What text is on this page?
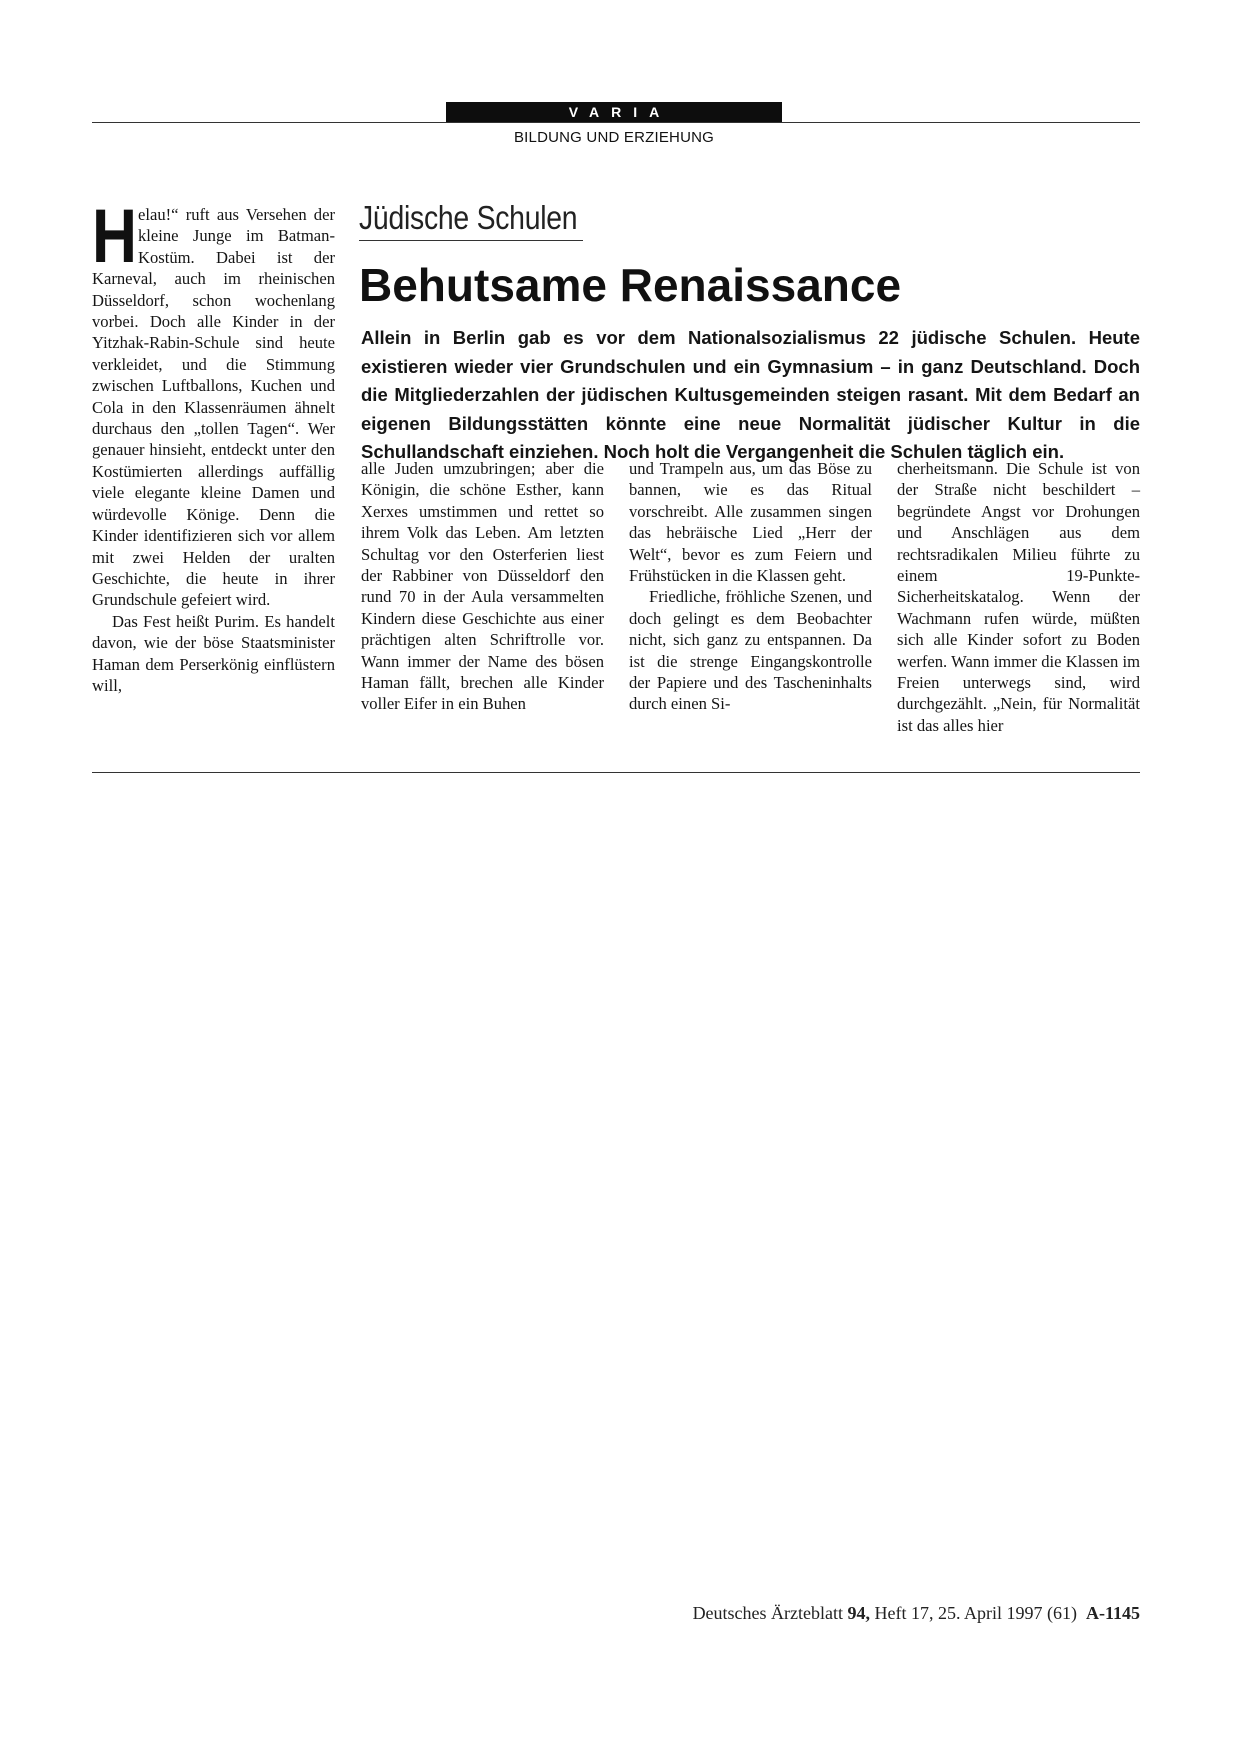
VARIA
BILDUNG UND ERZIEHUNG

Helau!“ ruft aus Versehen der kleine Junge im Batman-Kostüm. Dabei ist der Karneval, auch im rheinischen Düsseldorf, schon wochenlang vorbei. Doch alle Kinder in der Yitzhak-Rabin-Schule sind heute verkleidet, und die Stimmung zwischen Luftballons, Kuchen und Cola in den Klassenräumen ähnelt durchaus den „tollen Tagen“. Wer genauer hinsieht, entdeckt unter den Kostümierten allerdings auffällig viele elegante kleine Damen und würdevolle Könige. Denn die Kinder identifizieren sich vor allem mit zwei Helden der uralten Geschichte, die heute in ihrer Grundschule gefeiert wird.

Das Fest heißt Purim. Es handelt davon, wie der böse Staatsminister Haman dem Perserkönig einflüstern will,

Jüdische Schulen
Behutsame Renaissance
Allein in Berlin gab es vor dem Nationalsozialismus 22 jüdische Schulen. Heute existieren wieder vier Grundschulen und ein Gymnasium – in ganz Deutschland. Doch die Mitgliederzahlen der jüdischen Kultusgemeinden steigen rasant. Mit dem Bedarf an eigenen Bildungsstätten könnte eine neue Normalität jüdischer Kultur in die Schullandschaft einziehen. Noch holt die Vergangenheit die Schulen täglich ein.

alle Juden umzubringen; aber die Königin, die schöne Esther, kann Xerxes umstimmen und rettet so ihrem Volk das Leben. Am letzten Schultag vor den Osterferien liest der Rabbiner von Düsseldorf den rund 70 in der Aula versammelten Kindern diese Geschichte aus einer prächtigen alten Schriftrolle vor. Wann immer der Name des bösen Haman fällt, brechen alle Kinder voller Eifer in ein Buhen

und Trampeln aus, um das Böse zu bannen, wie es das Ritual vorschreibt. Alle zusammen singen das hebräische Lied „Herr der Welt“, bevor es zum Feiern und Frühstücken in die Klassen geht.

Friedliche, fröhliche Szenen, und doch gelingt es dem Beobachter nicht, sich ganz zu entspannen. Da ist die strenge Eingangskontrolle der Papiere und des Tascheninhalts durch einen Si-

cherheitsmann. Die Schule ist von der Straße nicht beschildert – begründete Angst vor Drohungen und Anschlägen aus dem rechtsradikalen Milieu führte zu einem 19-Punkte-Sicherheitskatalog. Wenn der Wachmann rufen würde, müßten sich alle Kinder sofort zu Boden werfen. Wann immer die Klassen im Freien unterwegs sind, wird durchgezählt. „Nein, für Normalität ist das alles hier

Deutsches Ärzteblatt 94, Heft 17, 25. April 1997 (61) A-1145
